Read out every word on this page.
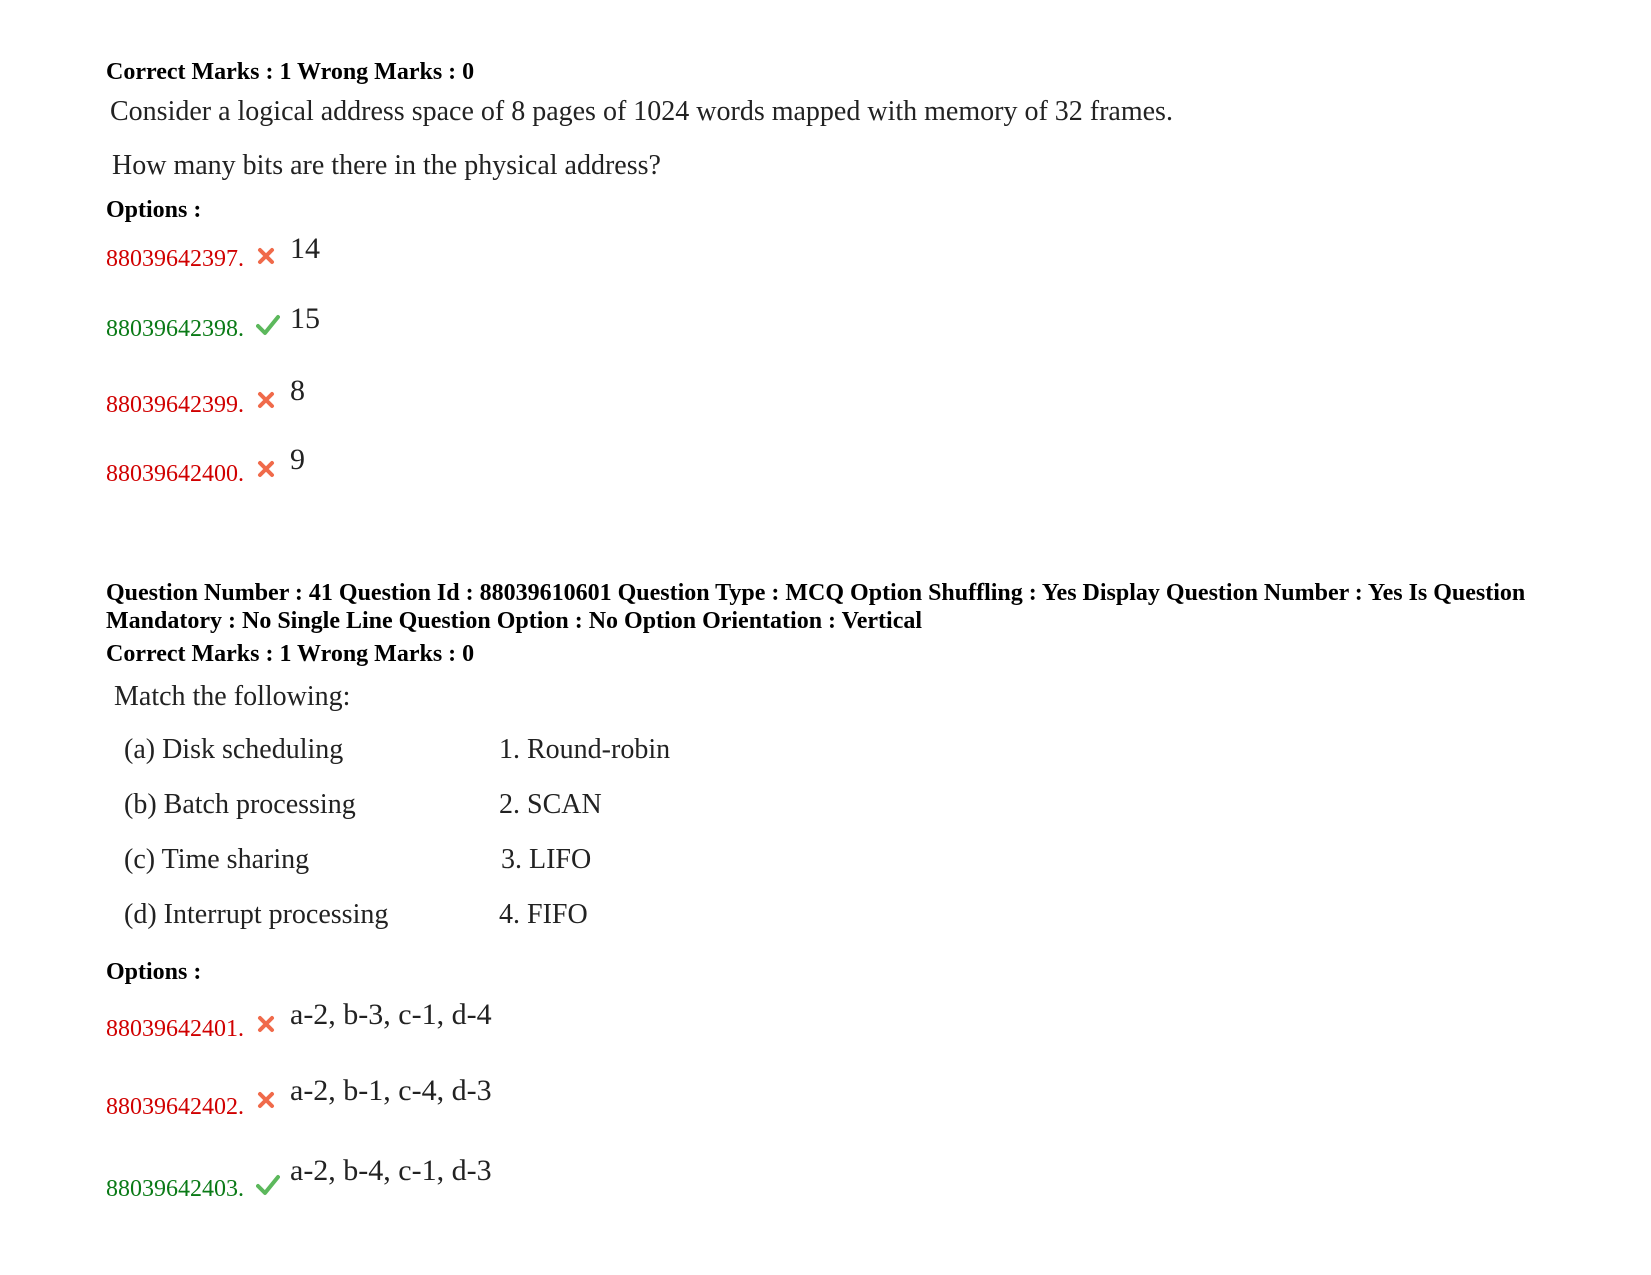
Correct Marks : 1 Wrong Marks : 0
Consider a logical address space of 8 pages of 1024 words mapped with memory of 32 frames.
How many bits are there in the physical address?
Options :
88039642397. 14
88039642398. 15
88039642399. 8
88039642400. 9
Question Number : 41 Question Id : 88039610601 Question Type : MCQ Option Shuffling : Yes Display Question Number : Yes Is Question Mandatory : No Single Line Question Option : No Option Orientation : Vertical
Correct Marks : 1 Wrong Marks : 0
Match the following:
(a) Disk scheduling
(b) Batch processing
(c) Time sharing
(d) Interrupt processing
1. Round-robin
2. SCAN
3. LIFO
4. FIFO
Options :
88039642401. a-2, b-3, c-1, d-4
88039642402. a-2, b-1, c-4, d-3
88039642403.
a-2, b-4, c-1, d-3
